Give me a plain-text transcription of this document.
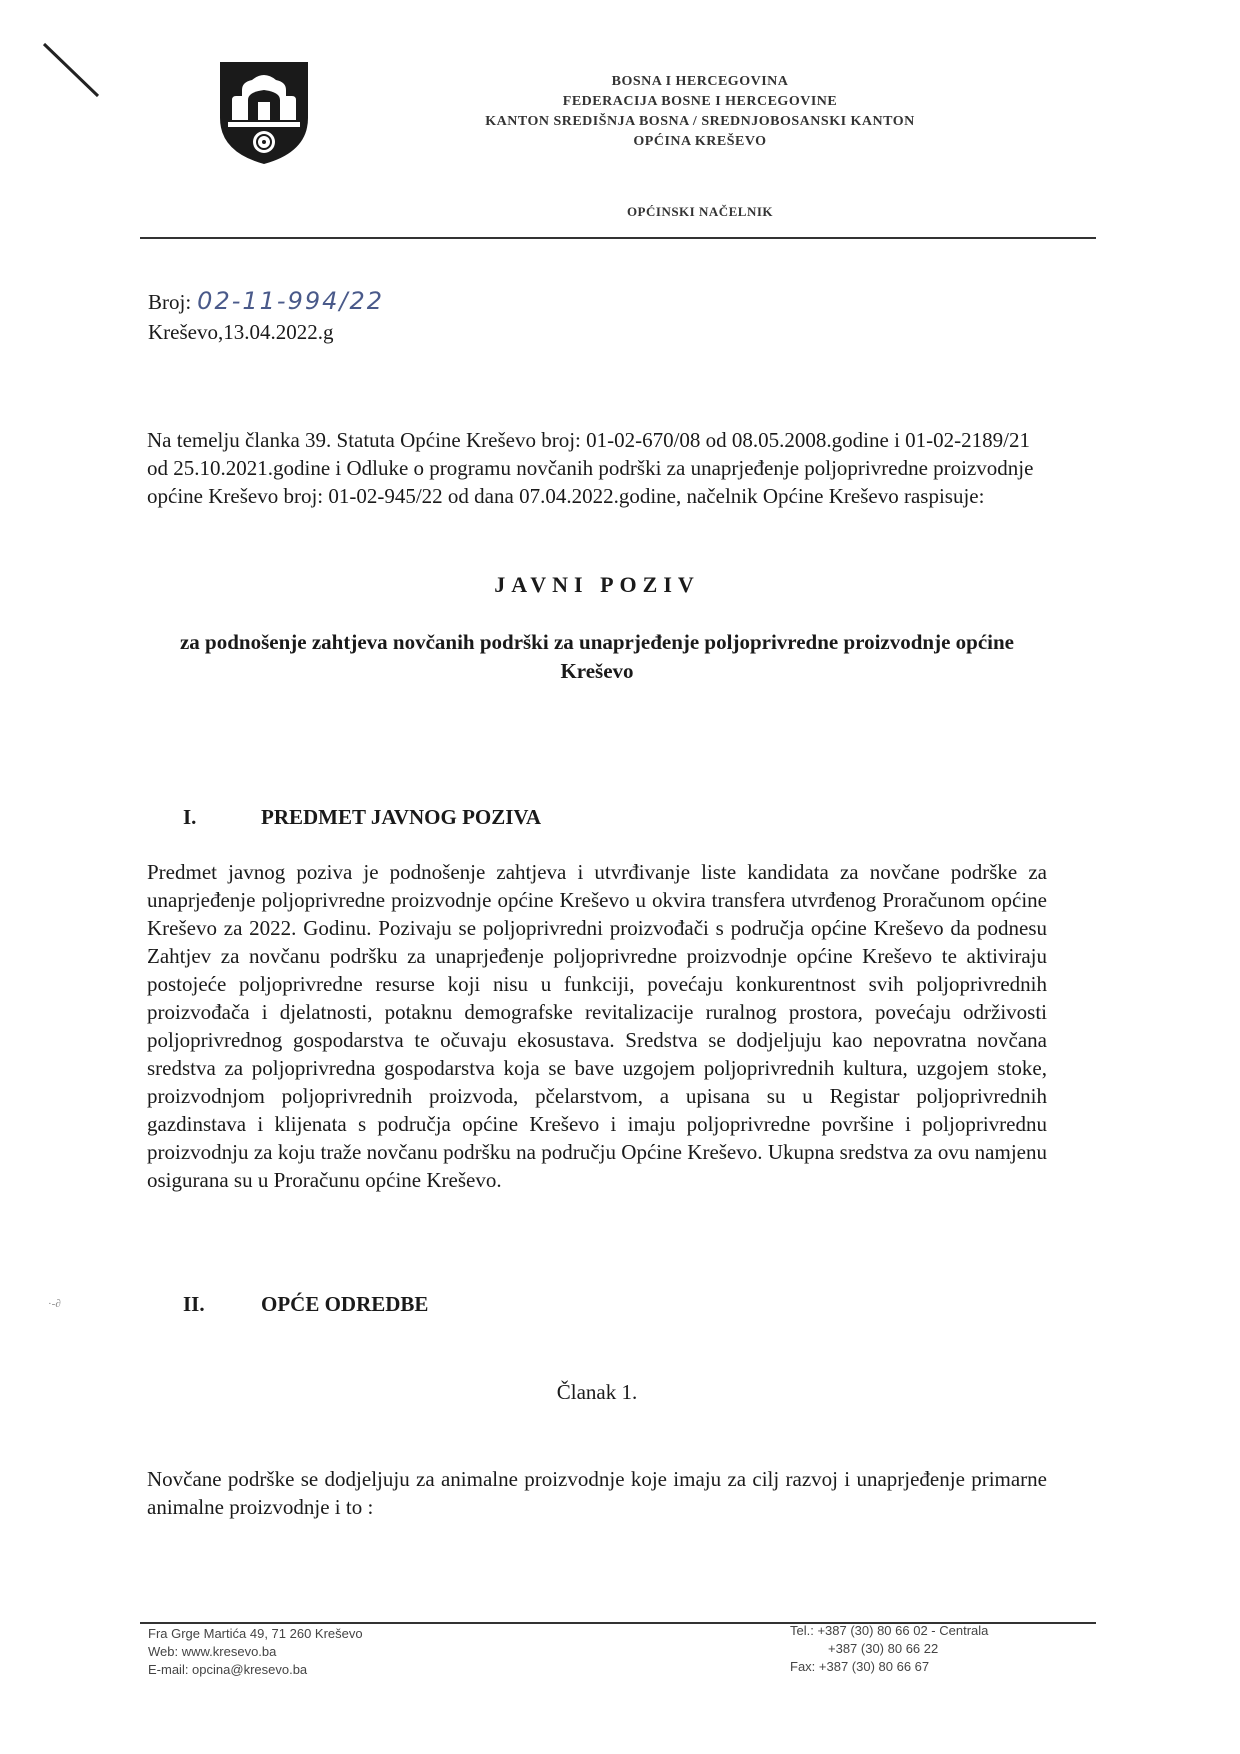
BOSNA I HERCEGOVINA
FEDERACIJA BOSNE I HERCEGOVINE
KANTON SREDIŠNJA BOSNA / SREDNJOBOSANSKI KANTON
OPĆINA KREŠEVO
OPĆINSKI NAČELNIK
Broj: 02-11-994/22
Kreševo,13.04.2022.g
Na temelju članka 39. Statuta Općine Kreševo broj: 01-02-670/08 od 08.05.2008.godine i 01-02-2189/21 od 25.10.2021.godine i Odluke o programu novčanih podrški za unaprjeđenje poljoprivredne proizvodnje općine Kreševo broj: 01-02-945/22 od dana 07.04.2022.godine, načelnik Općine Kreševo raspisuje:
JAVNI POZIV
za podnošenje zahtjeva novčanih podrški za unaprjeđenje poljoprivredne proizvodnje općine Kreševo
I.	PREDMET JAVNOG POZIVA
Predmet javnog poziva je podnošenje zahtjeva i utvrđivanje liste kandidata za novčane podrške za unaprjeđenje poljoprivredne proizvodnje općine Kreševo u okvira transfera utvrđenog Proračunom općine Kreševo za 2022. Godinu. Pozivaju se poljoprivredni proizvođači s područja općine Kreševo da podnesu Zahtjev za novčanu podršku za unaprjeđenje poljoprivredne proizvodnje općine Kreševo te aktiviraju postojeće poljoprivredne resurse koji nisu u funkciji, povećaju konkurentnost svih poljoprivrednih proizvođača i djelatnosti, potaknu demografske revitalizacije ruralnog prostora, povećaju održivosti poljoprivrednog gospodarstva te očuvaju ekosustava. Sredstva se dodjeljuju kao nepovratna novčana sredstva za poljoprivredna gospodarstva koja se bave uzgojem poljoprivrednih kultura, uzgojem stoke, proizvodnjom poljoprivrednih proizvoda, pčelarstvom, a upisana su u Registar poljoprivrednih gazdinstava i klijenata s područja općine Kreševo i imaju poljoprivredne površine i poljoprivrednu proizvodnju za koju traže novčanu podršku na području Općine Kreševo. Ukupna sredstva za ovu namjenu osigurana su u Proračunu općine Kreševo.
·-∂	II.	OPĆE ODREDBE
Članak 1.
Novčane podrške se dodjeljuju za animalne proizvodnje koje imaju za cilj razvoj i unaprjeđenje primarne animalne proizvodnje i to :
Fra Grge Martića 49, 71 260 Kreševo
Web: www.kresevo.ba
E-mail: opcina@kresevo.ba
Tel.: +387 (30) 80 66 02 - Centrala
+387 (30) 80 66 22
Fax: +387 (30) 80 66 67
